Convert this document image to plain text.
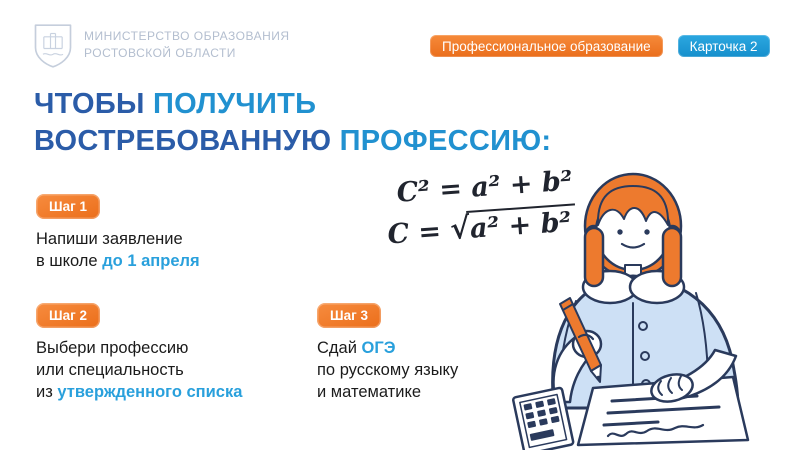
МИНИСТЕРСТВО ОБРАЗОВАНИЯ
РОСТОВСКОЙ ОБЛАСТИ	Профессиональное образование	Карточка 2
ЧТОБЫ ПОЛУЧИТЬ
ВОСТРЕБОВАННУЮ ПРОФЕССИЮ:
Шаг 1
Напиши заявление
в школе до 1 апреля
Шаг 2
Выбери профессию
или специальность
из утвержденного списка
Шаг 3
Сдай ОГЭ
по русскому языку
и математике
C² = a² + b²
C = √a² + b²
